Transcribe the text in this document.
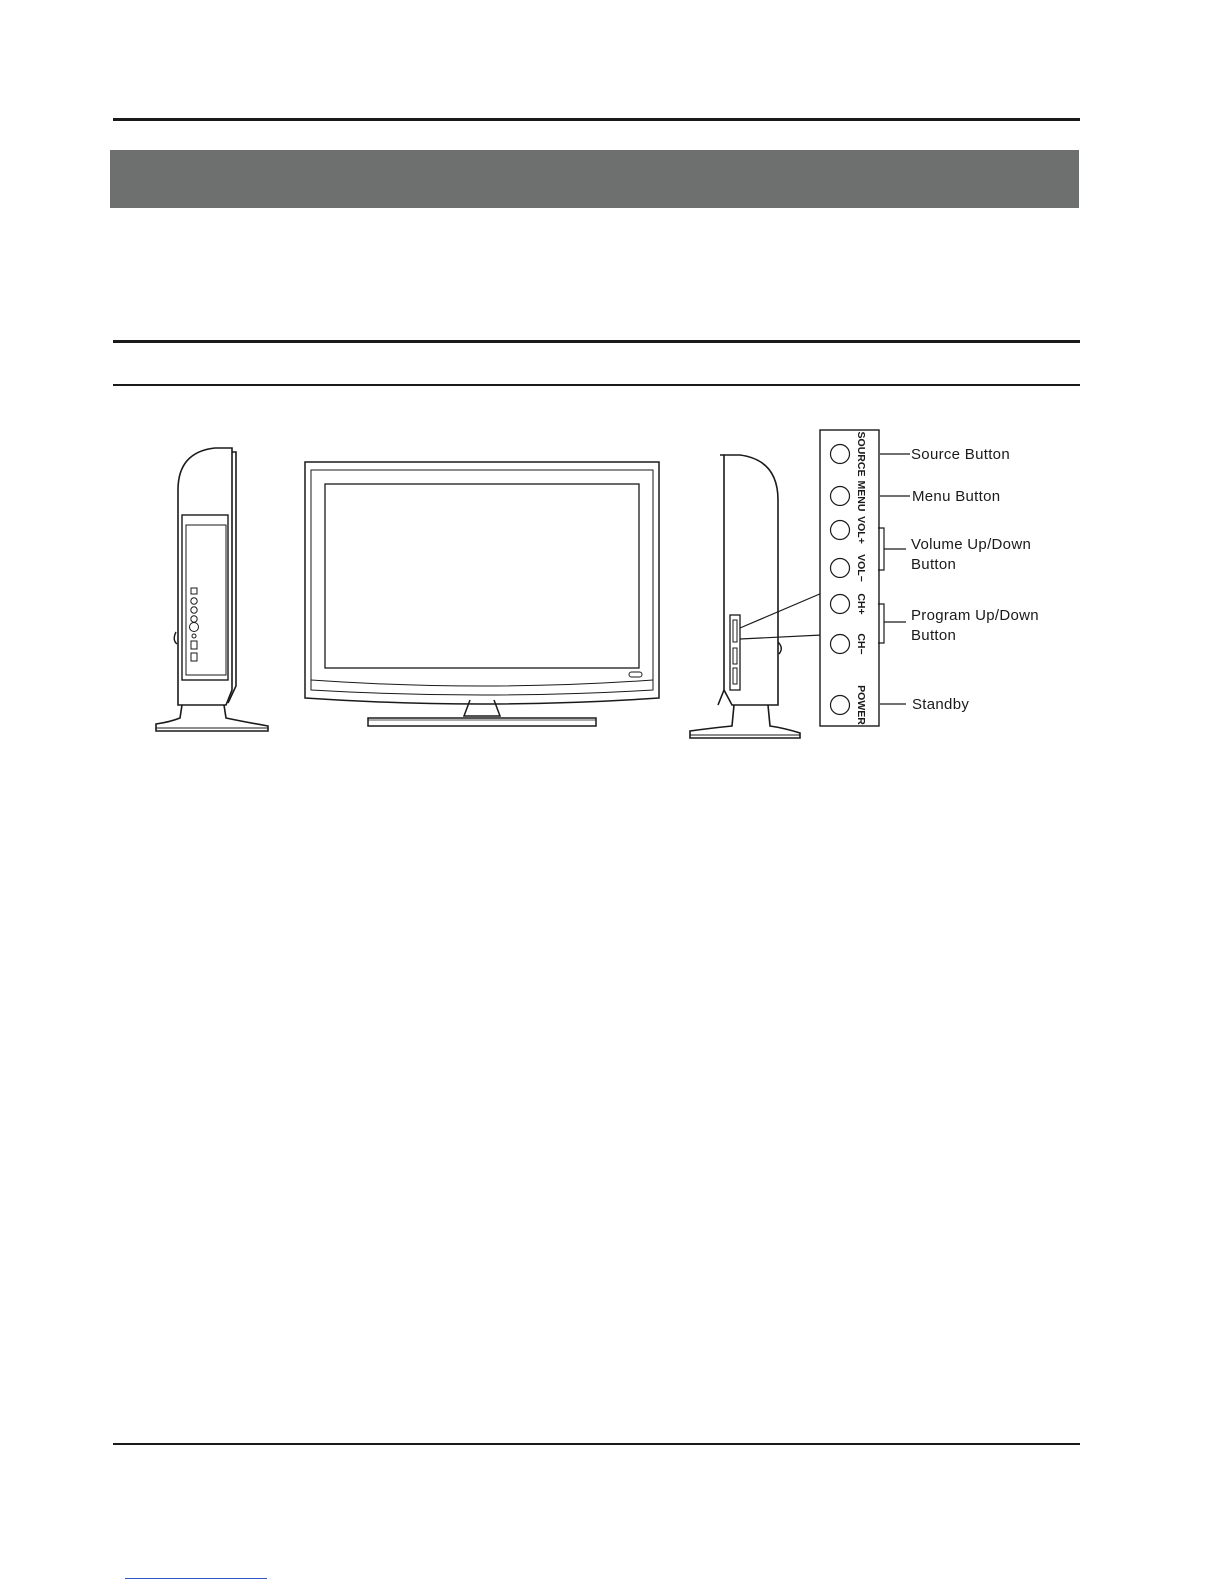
SOURCE
MENU
VOL+
VOL−
CH+
CH−
POWER
Source Button
Menu Button
Volume Up/Down
Button
Program Up/Down
Button
Standby
